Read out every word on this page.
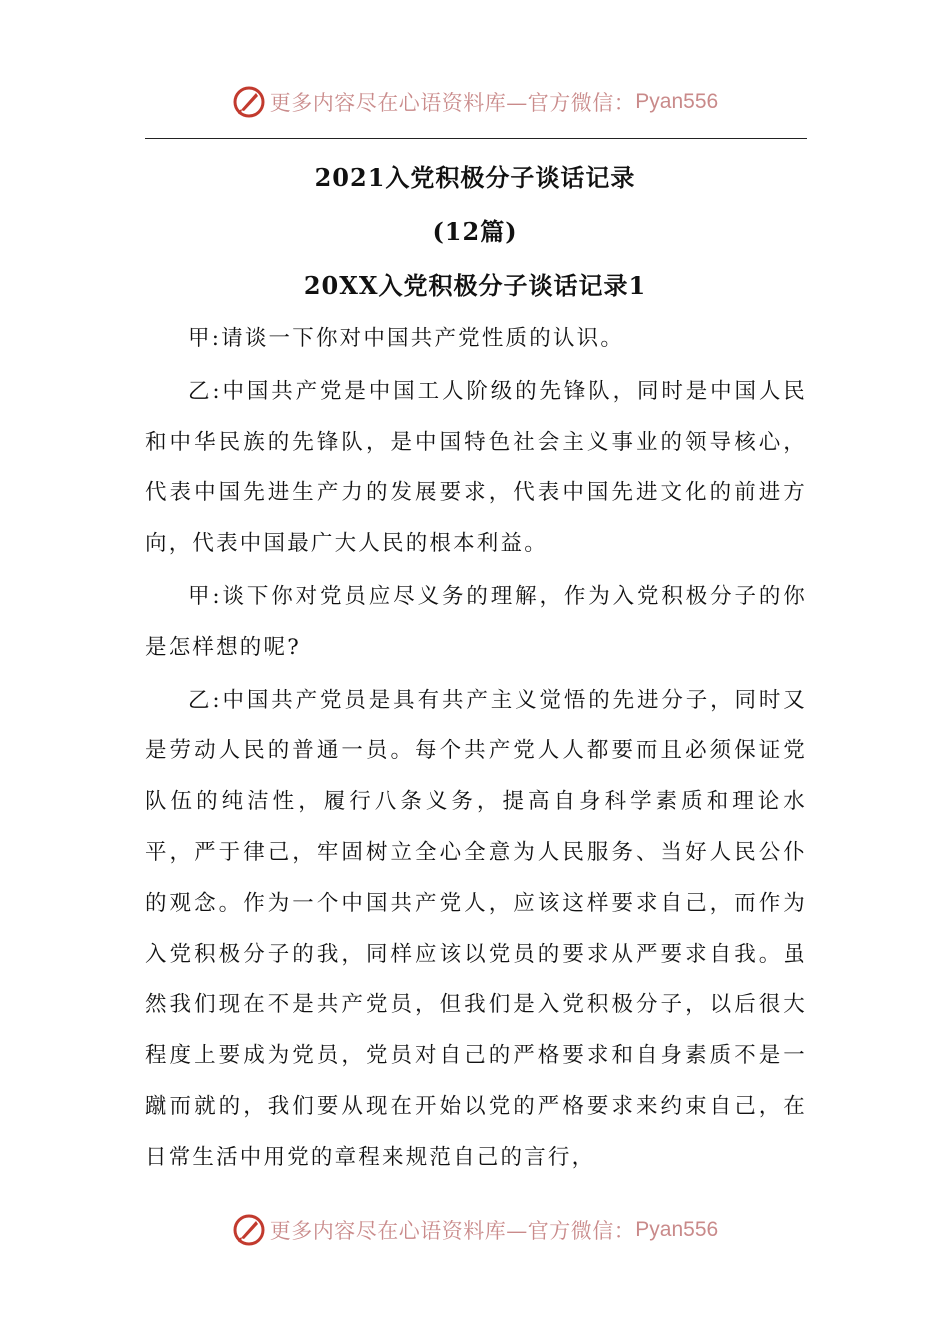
更多内容尽在心语资料库—官方微信： Pyan556
2021入党积极分子谈话记录
(12篇)
20XX入党积极分子谈话记录1

甲:请谈一下你对中国共产党性质的认识。

乙:中国共产党是中国工人阶级的先锋队，同时是中国人民和中华民族的先锋队，是中国特色社会主义事业的领导核心，代表中国先进生产力的发展要求，代表中国先进文化的前进方向，代表中国最广大人民的根本利益。

甲:谈下你对党员应尽义务的理解，作为入党积极分子的你是怎样想的呢?

乙:中国共产党员是具有共产主义觉悟的先进分子，同时又是劳动人民的普通一员。每个共产党人人都要而且必须保证党队伍的纯洁性，履行八条义务，提高自身科学素质和理论水平，严于律己，牢固树立全心全意为人民服务、当好人民公仆的观念。作为一个中国共产党人，应该这样要求自己，而作为入党积极分子的我，同样应该以党员的要求从严要求自我。虽然我们现在不是共产党员，但我们是入党积极分子，以后很大程度上要成为党员，党员对自己的严格要求和自身素质不是一蹴而就的，我们要从现在开始以党的严格要求来约束自己，在日常生活中用党的章程来规范自己的言行，

更多内容尽在心语资料库—官方微信： Pyan556
